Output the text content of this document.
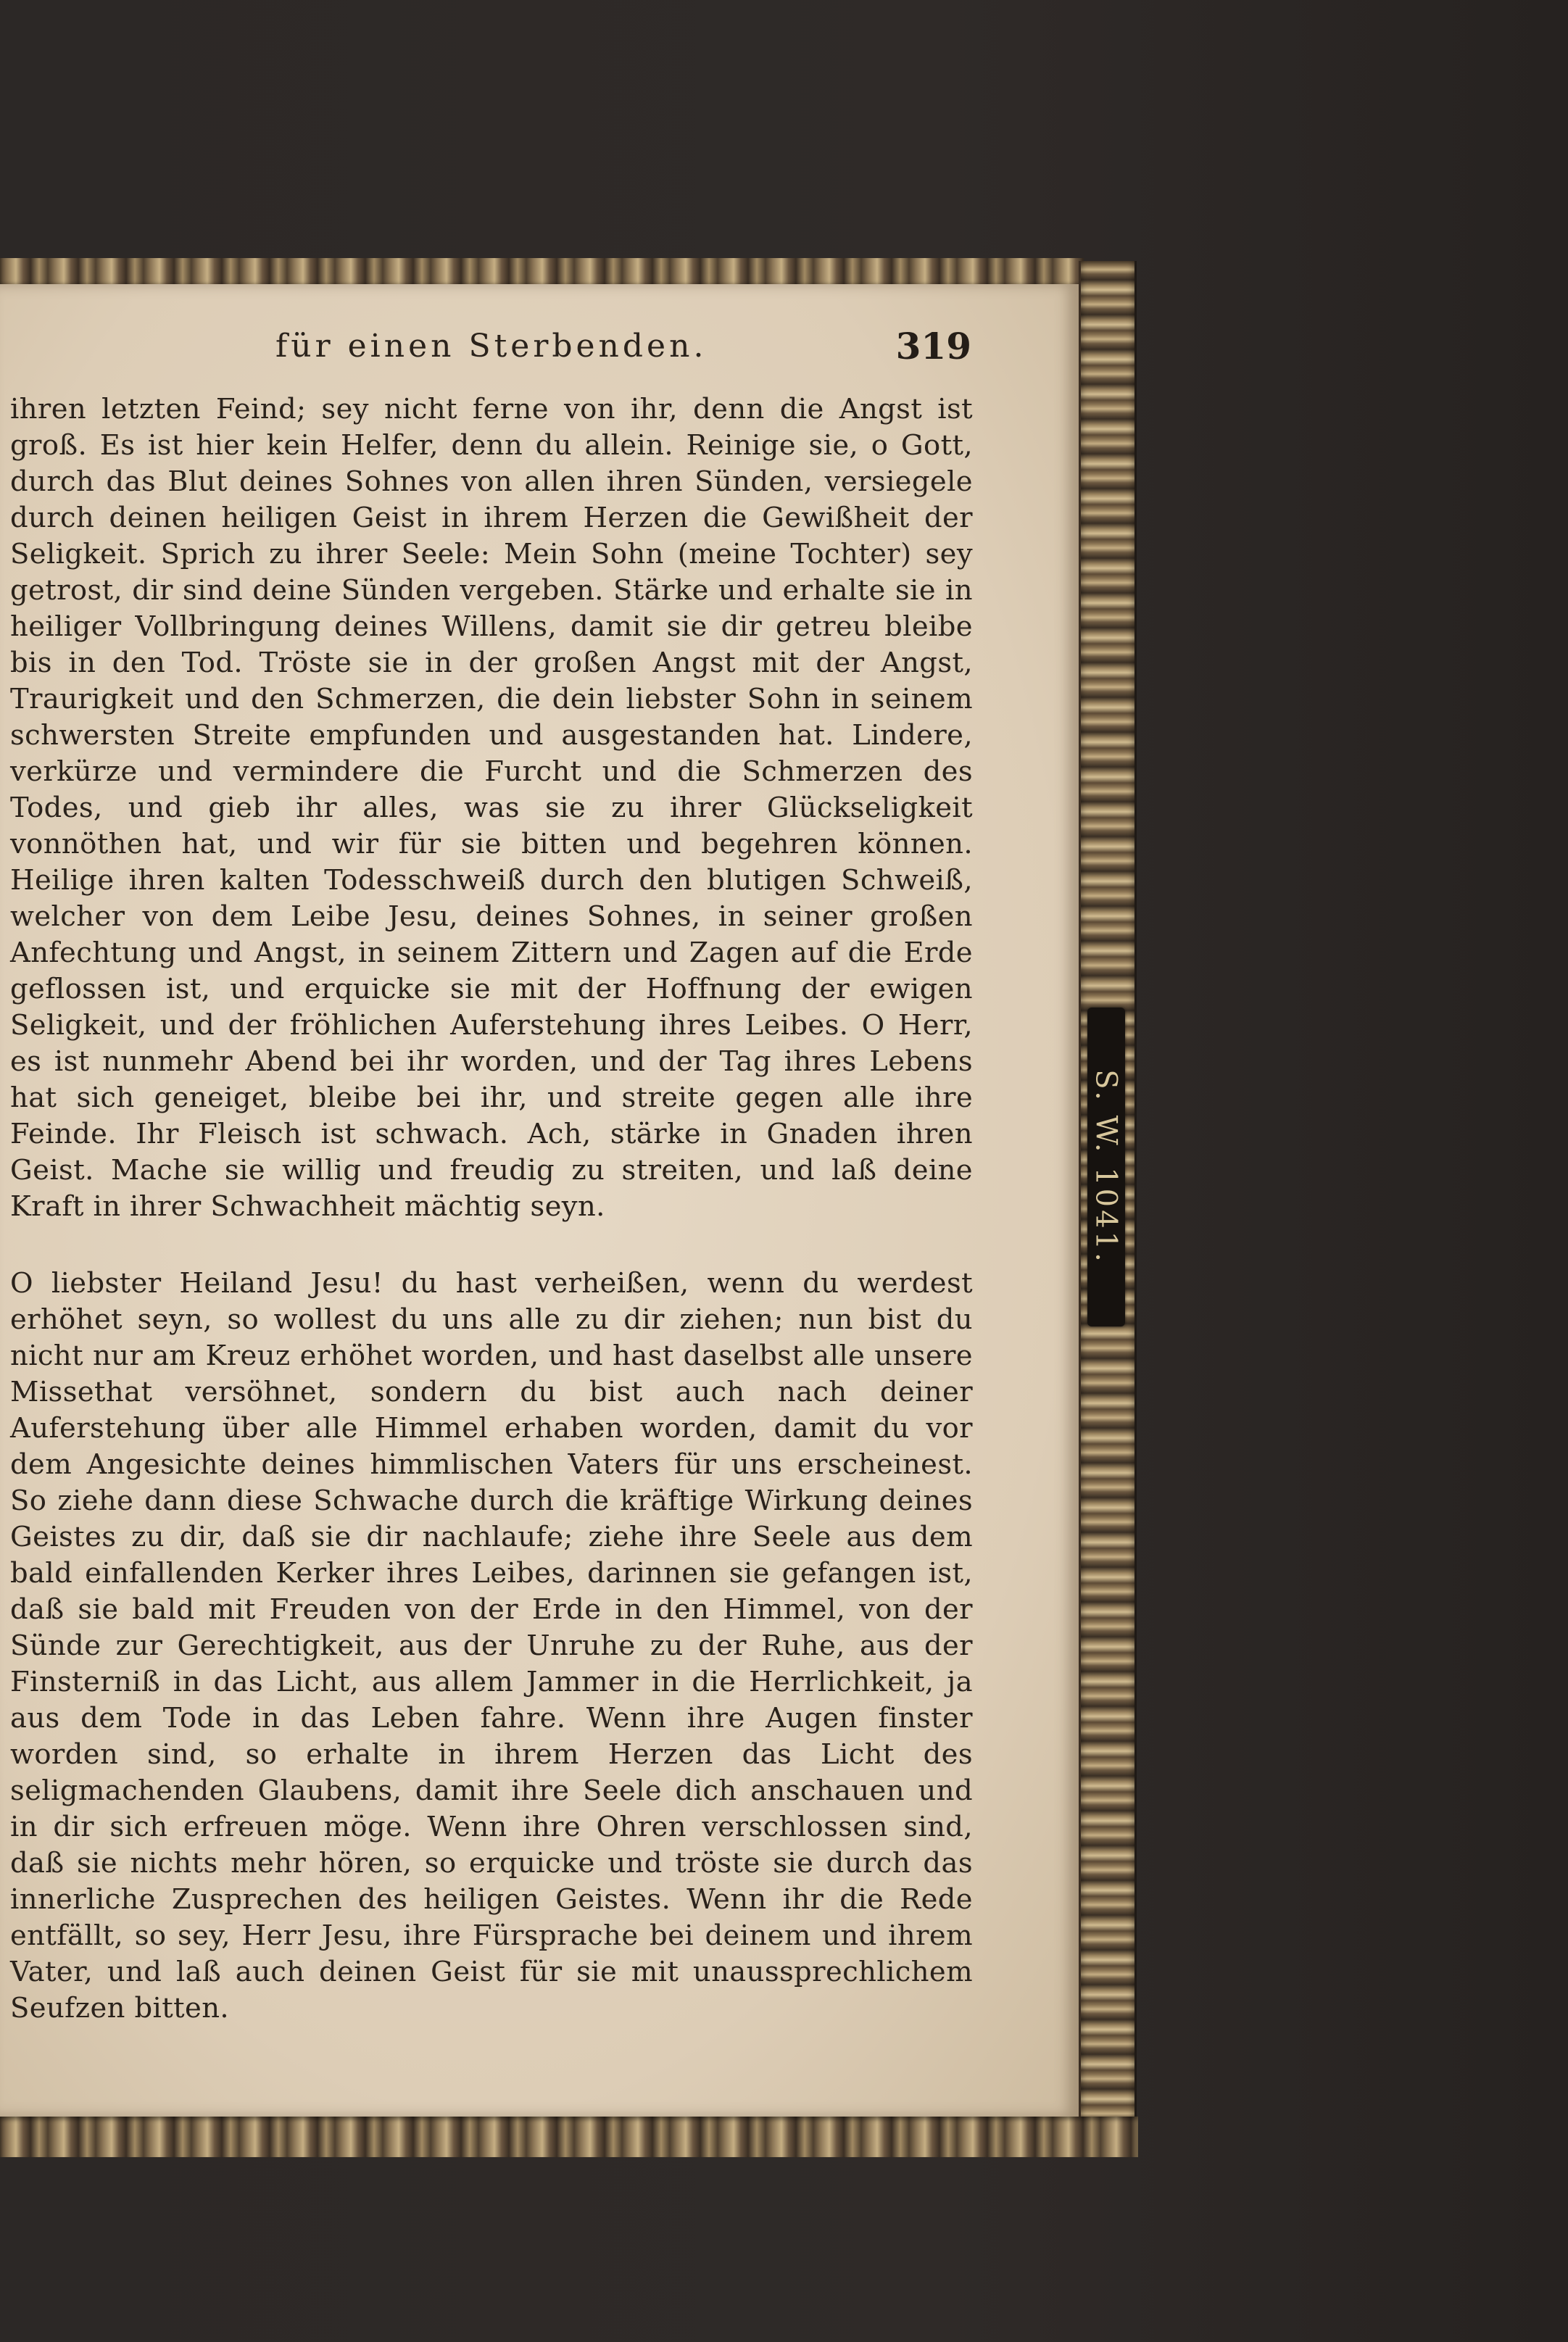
S. W. 1041.
für einen Sterbenden.	319

ihren letzten Feind; sey nicht ferne von ihr, denn die Angst ist groß. Es ist hier kein Helfer, denn du allein. Reinige sie, o Gott, durch das Blut deines Sohnes von allen ihren Sünden, versiegele durch deinen heiligen Geist in ihrem Herzen die Gewißheit der Seligkeit. Sprich zu ihrer Seele: Mein Sohn (meine Tochter) sey getrost, dir sind deine Sünden vergeben. Stärke und erhalte sie in heiliger Vollbringung deines Willens, damit sie dir getreu bleibe bis in den Tod. Tröste sie in der großen Angst mit der Angst, Traurigkeit und den Schmerzen, die dein liebster Sohn in seinem schwersten Streite empfunden und ausgestanden hat. Lindere, verkürze und vermindere die Furcht und die Schmerzen des Todes, und gieb ihr alles, was sie zu ihrer Glückseligkeit vonnöthen hat, und wir für sie bitten und begehren können. Heilige ihren kalten Todesschweiß durch den blutigen Schweiß, welcher von dem Leibe Jesu, deines Sohnes, in seiner großen Anfechtung und Angst, in seinem Zittern und Zagen auf die Erde geflossen ist, und erquicke sie mit der Hoffnung der ewigen Seligkeit, und der fröhlichen Auferstehung ihres Leibes. O Herr, es ist nunmehr Abend bei ihr worden, und der Tag ihres Lebens hat sich geneiget, bleibe bei ihr, und streite gegen alle ihre Feinde. Ihr Fleisch ist schwach. Ach, stärke in Gnaden ihren Geist. Mache sie willig und freudig zu streiten, und laß deine Kraft in ihrer Schwachheit mächtig seyn.

O liebster Heiland Jesu! du hast verheißen, wenn du werdest erhöhet seyn, so wollest du uns alle zu dir ziehen; nun bist du nicht nur am Kreuz erhöhet worden, und hast daselbst alle unsere Missethat versöhnet, sondern du bist auch nach deiner Auferstehung über alle Himmel erhaben worden, damit du vor dem Angesichte deines himmlischen Vaters für uns erscheinest. So ziehe dann diese Schwache durch die kräftige Wirkung deines Geistes zu dir, daß sie dir nachlaufe; ziehe ihre Seele aus dem bald einfallenden Kerker ihres Leibes, darinnen sie gefangen ist, daß sie bald mit Freuden von der Erde in den Himmel, von der Sünde zur Gerechtigkeit, aus der Unruhe zu der Ruhe, aus der Finsterniß in das Licht, aus allem Jammer in die Herrlichkeit, ja aus dem Tode in das Leben fahre. Wenn ihre Augen finster worden sind, so erhalte in ihrem Herzen das Licht des seligmachenden Glaubens, damit ihre Seele dich anschauen und in dir sich erfreuen möge. Wenn ihre Ohren verschlossen sind, daß sie nichts mehr hören, so erquicke und tröste sie durch das innerliche Zusprechen des heiligen Geistes. Wenn ihr die Rede entfällt, so sey, Herr Jesu, ihre Fürsprache bei deinem und ihrem Vater, und laß auch deinen Geist für sie mit unaussprechlichem Seufzen bitten.
